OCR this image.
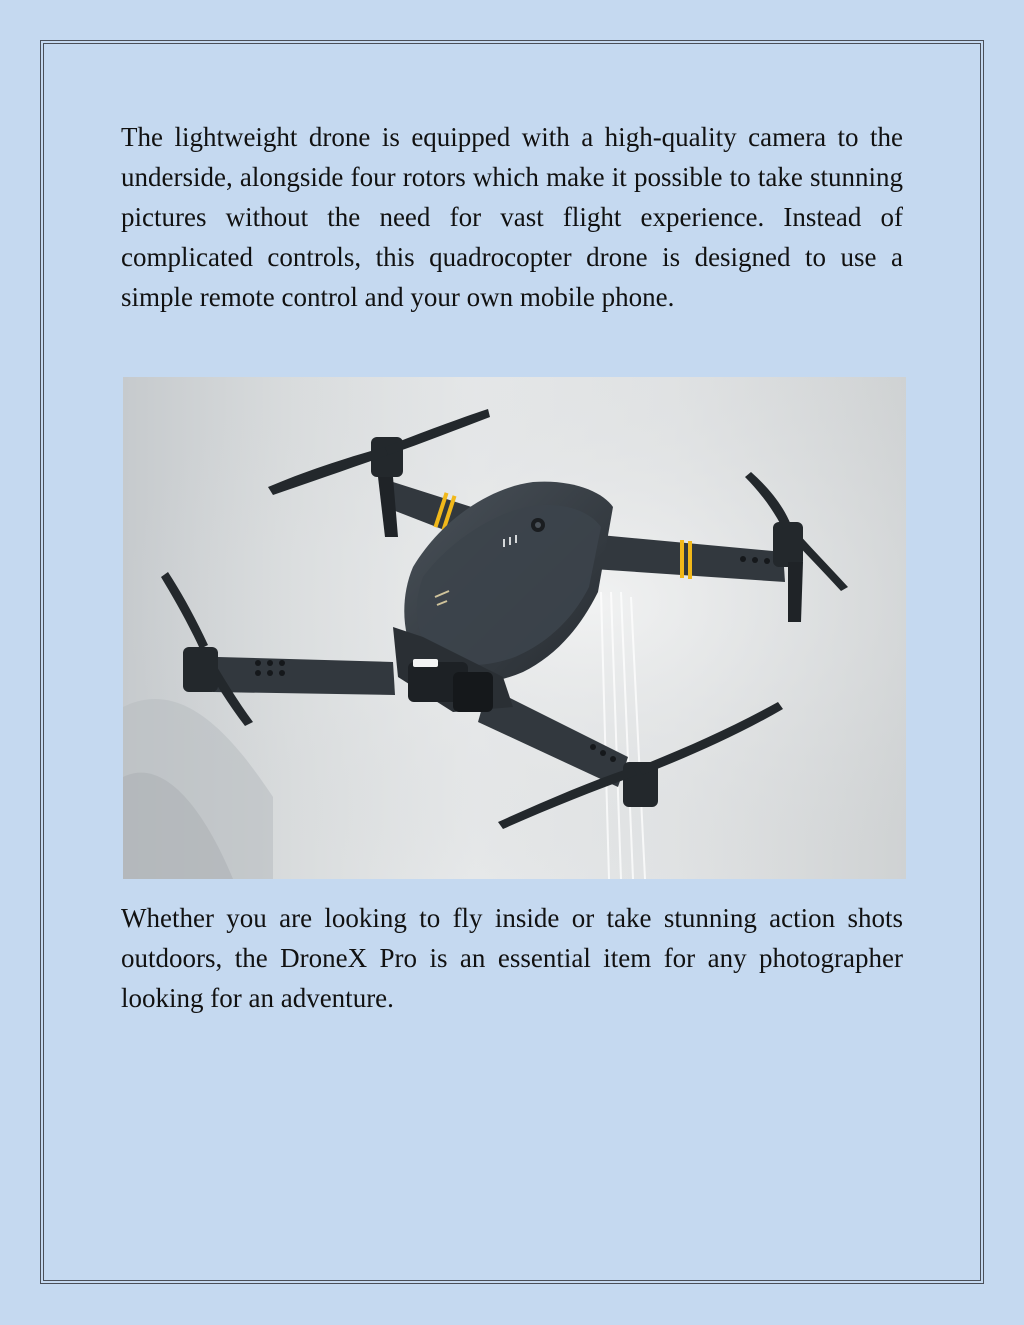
The lightweight drone is equipped with a high-quality camera to the underside, alongside four rotors which make it possible to take stunning pictures without the need for vast flight experience. Instead of complicated controls, this quadrocopter drone is designed to use a simple remote control and your own mobile phone.

Whether you are looking to fly inside or take stunning action shots outdoors, the DroneX Pro is an essential item for any photographer looking for an adventure.
